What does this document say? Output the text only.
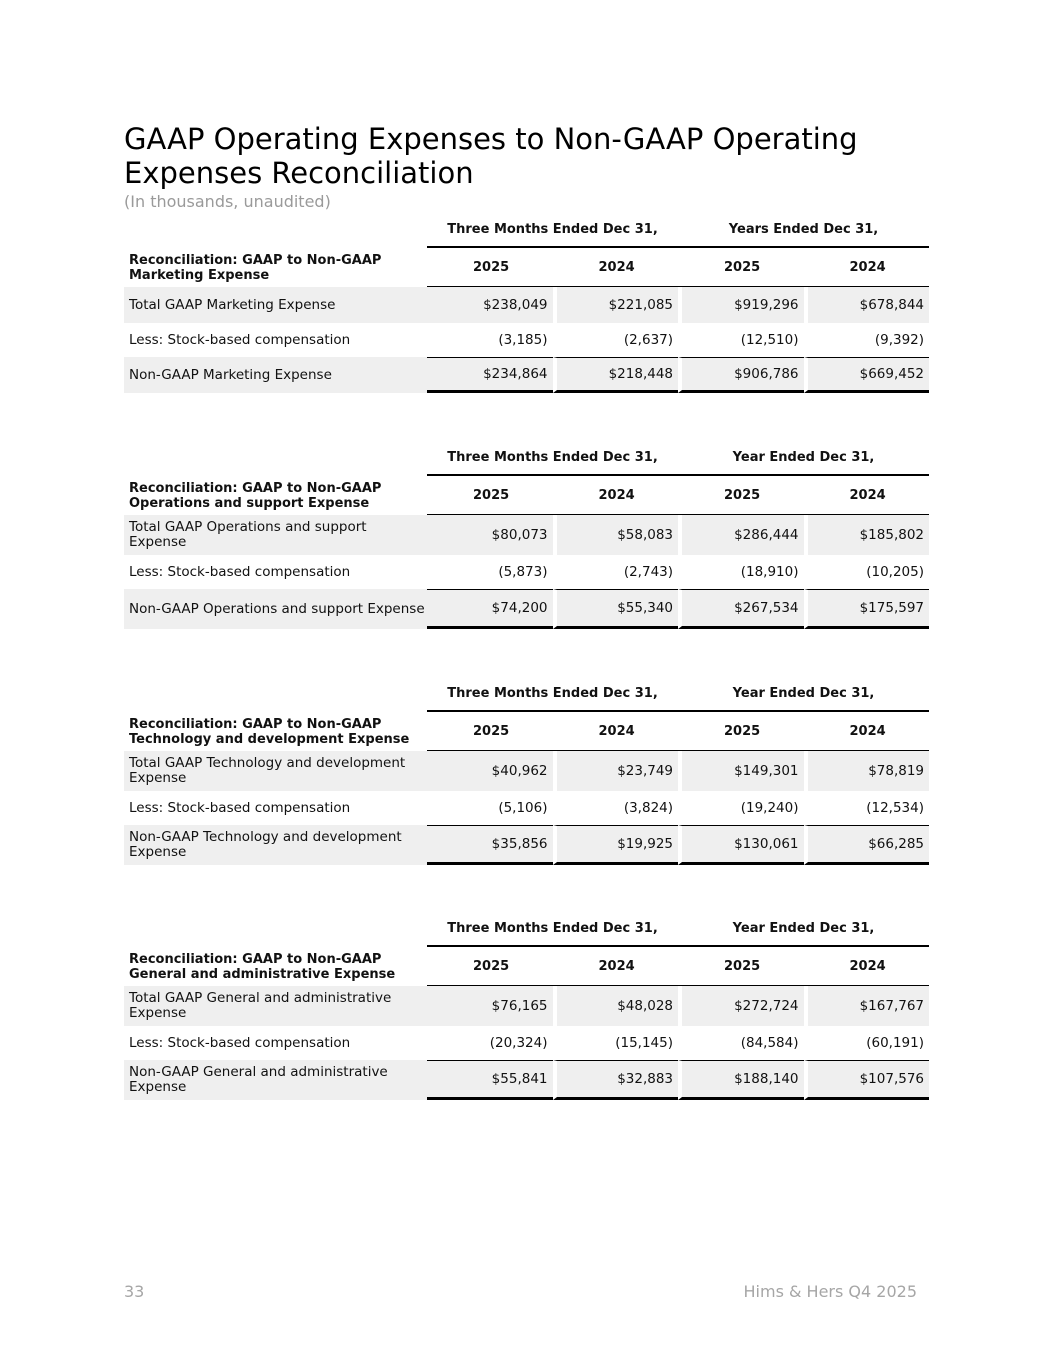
GAAP Operating Expenses to Non-GAAP Operating Expenses Reconciliation
(In thousands, unaudited)
	Three Months Ended Dec 31,		Years Ended Dec 31,	
Reconciliation: GAAP to Non-GAAP Marketing Expense	2025	2024	2025	2024
Total GAAP Marketing Expense	$238,049	$221,085	$919,296	$678,844
Less: Stock-based compensation	(3,185)	(2,637)	(12,510)	(9,392)
Non-GAAP Marketing Expense	$234,864	$218,448	$906,786	$669,452
	Three Months Ended Dec 31,		Year Ended Dec 31,	
Reconciliation: GAAP to Non-GAAP Operations and support Expense	2025	2024	2025	2024
Total GAAP Operations and support Expense	$80,073	$58,083	$286,444	$185,802
Less: Stock-based compensation	(5,873)	(2,743)	(18,910)	(10,205)
Non-GAAP Operations and support Expense	$74,200	$55,340	$267,534	$175,597
	Three Months Ended Dec 31,		Year Ended Dec 31,	
Reconciliation: GAAP to Non-GAAP Technology and development Expense	2025	2024	2025	2024
Total GAAP Technology and development Expense	$40,962	$23,749	$149,301	$78,819
Less: Stock-based compensation	(5,106)	(3,824)	(19,240)	(12,534)
Non-GAAP Technology and development Expense	$35,856	$19,925	$130,061	$66,285
	Three Months Ended Dec 31,		Year Ended Dec 31,	
Reconciliation: GAAP to Non-GAAP General and administrative Expense	2025	2024	2025	2024
Total GAAP General and administrative Expense	$76,165	$48,028	$272,724	$167,767
Less: Stock-based compensation	(20,324)	(15,145)	(84,584)	(60,191)
Non-GAAP General and administrative Expense	$55,841	$32,883	$188,140	$107,576
33	Hims & Hers Q4 2025
